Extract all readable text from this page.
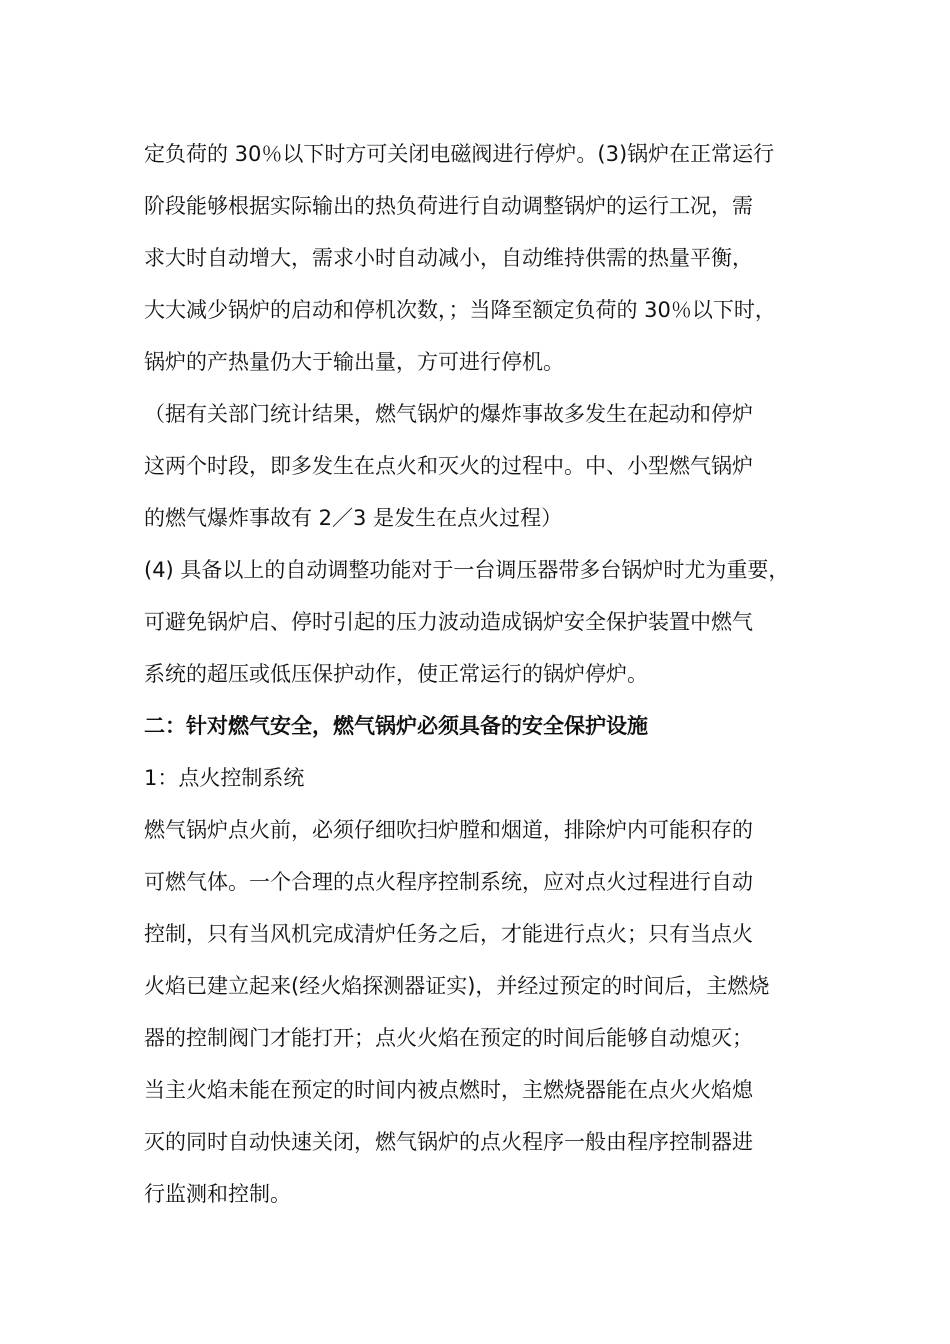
定负荷的 30％以下时方可关闭电磁阀进行停炉。(3)锅炉在正常运行
阶段能够根据实际输出的热负荷进行自动调整锅炉的运行工况，需
求大时自动增大，需求小时自动减小，自动维持供需的热量平衡，
大大减少锅炉的启动和停机次数，；当降至额定负荷的 30％以下时，
锅炉的产热量仍大于输出量，方可进行停机。
（据有关部门统计结果，燃气锅炉的爆炸事故多发生在起动和停炉
这两个时段，即多发生在点火和灭火的过程中。中、小型燃气锅炉
的燃气爆炸事故有 2／3 是发生在点火过程）
(4) 具备以上的自动调整功能对于一台调压器带多台锅炉时尤为重要，
可避免锅炉启、停时引起的压力波动造成锅炉安全保护装置中燃气
系统的超压或低压保护动作，使正常运行的锅炉停炉。
二：针对燃气安全，燃气锅炉必须具备的安全保护设施
1：点火控制系统
燃气锅炉点火前，必须仔细吹扫炉膛和烟道，排除炉内可能积存的
可燃气体。一个合理的点火程序控制系统，应对点火过程进行自动
控制，只有当风机完成清炉任务之后，才能进行点火；只有当点火
火焰已建立起来(经火焰探测器证实)，并经过预定的时间后，主燃烧
器的控制阀门才能打开；点火火焰在预定的时间后能够自动熄灭；
当主火焰未能在预定的时间内被点燃时，主燃烧器能在点火火焰熄
灭的同时自动快速关闭，燃气锅炉的点火程序一般由程序控制器进
行监测和控制。
